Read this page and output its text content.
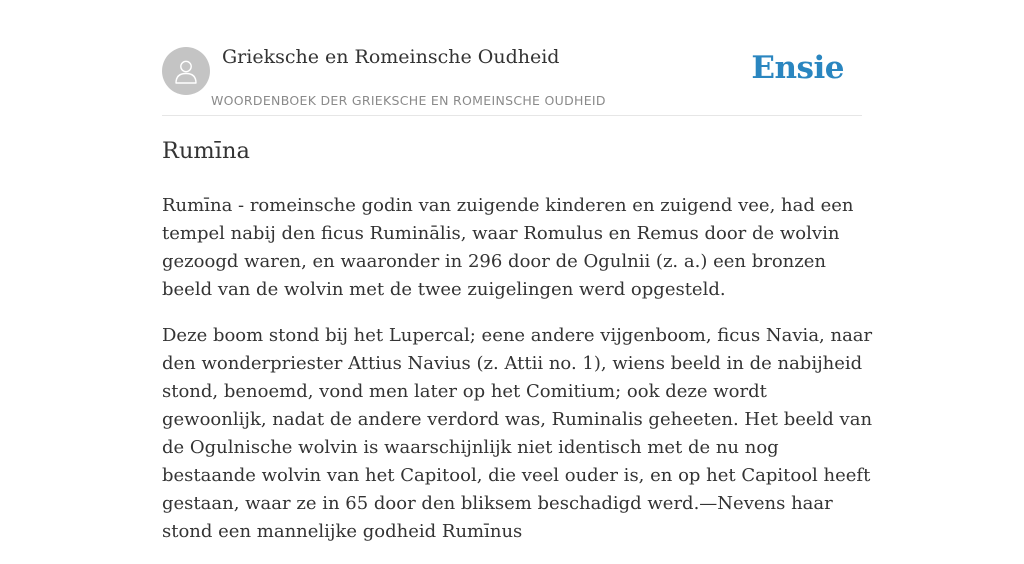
Grieksche en Romeinsche Oudheid
WOORDENBOEK DER GRIEKSCHE EN ROMEINSCHE OUDHEID
Ensie
Rumīna

Rumīna - romeinsche godin van zuigende kinderen en zuigend vee, had een tempel nabij den ficus Ruminālis, waar Romulus en Remus door de wolvin gezoogd waren, en waaronder in 296 door de Ogulnii (z. a.) een bronzen beeld van de wolvin met de twee zuigelingen werd opgesteld.

Deze boom stond bij het Lupercal; eene andere vijgenboom, ficus Navia, naar den wonderpriester Attius Navius (z. Attii no. 1), wiens beeld in de nabijheid stond, benoemd, vond men later op het Comitium; ook deze wordt gewoonlijk, nadat de andere verdord was, Ruminalis geheeten. Het beeld van de Ogulnische wolvin is waarschijnlijk niet identisch met de nu nog bestaande wolvin van het Capitool, die veel ouder is, en op het Capitool heeft gestaan, waar ze in 65 door den bliksem beschadigd werd.—Nevens haar stond een mannelijke godheid Rumīnus
